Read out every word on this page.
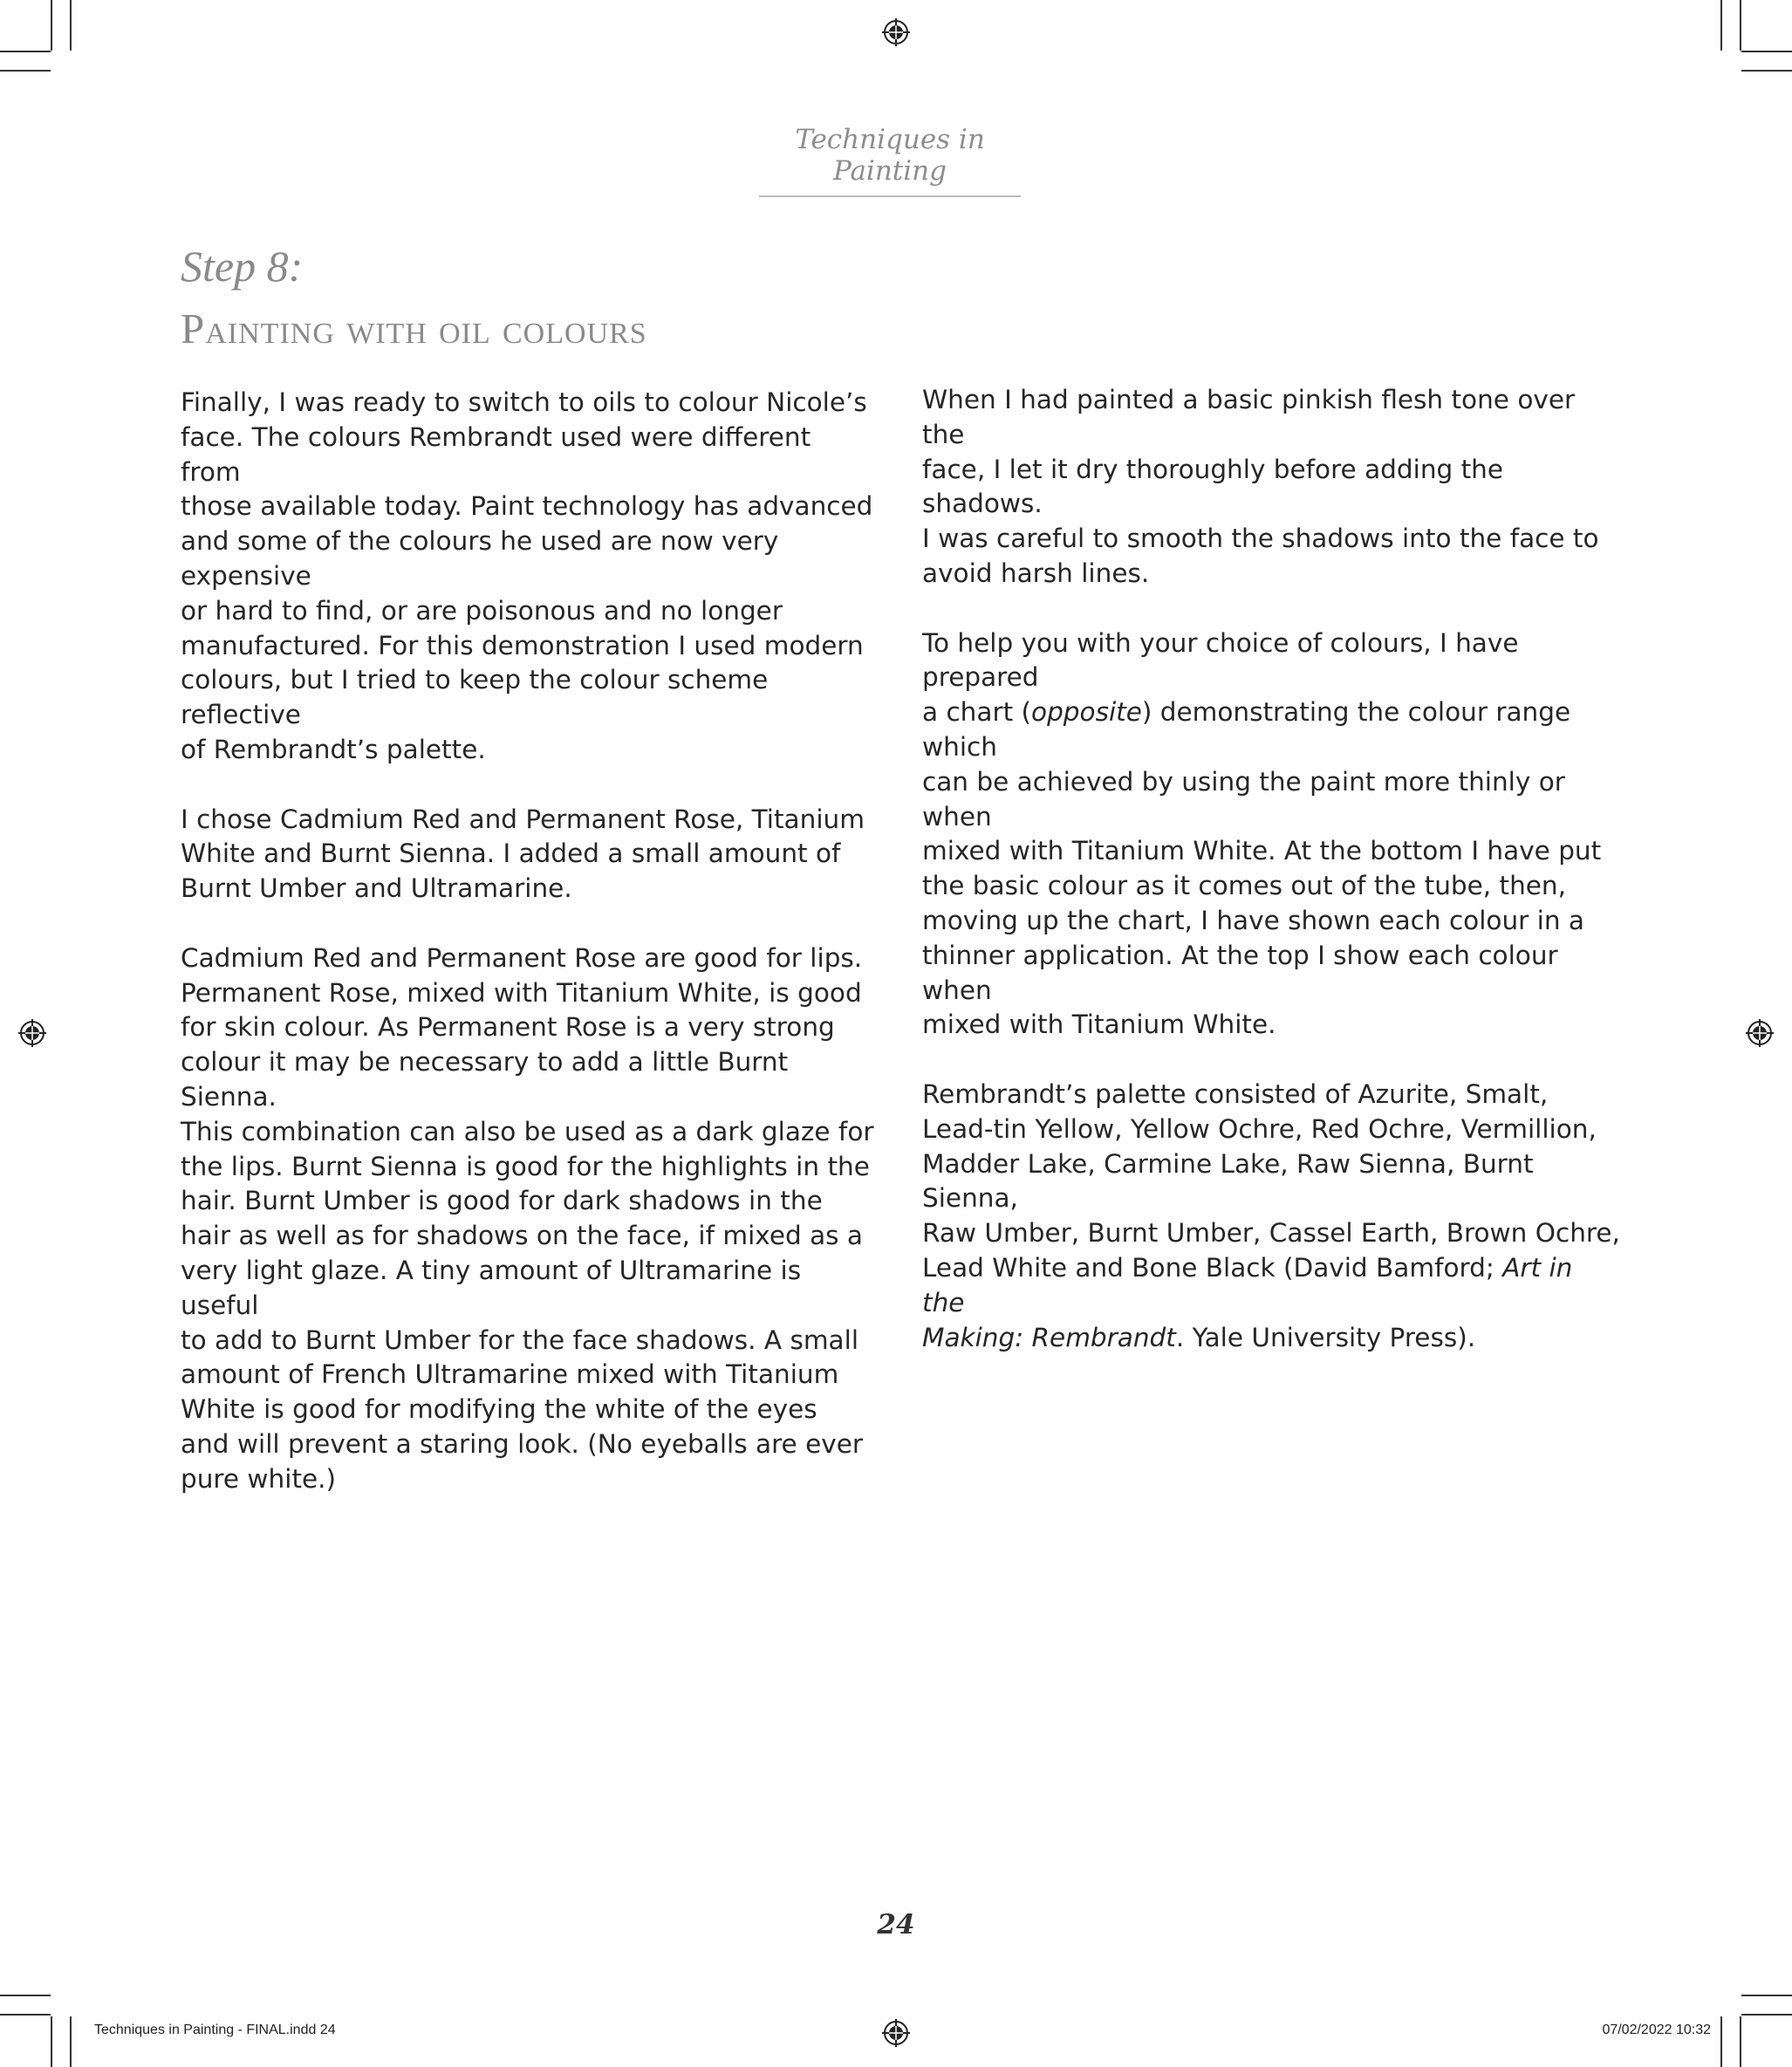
Techniques in Painting
Step 8:
Painting with oil colours

Finally, I was ready to switch to oils to colour Nicole’s
face. The colours Rembrandt used were different from
those available today. Paint technology has advanced
and some of the colours he used are now very expensive
or hard to find, or are poisonous and no longer
manufactured. For this demonstration I used modern
colours, but I tried to keep the colour scheme reflective
of Rembrandt’s palette.

I chose Cadmium Red and Permanent Rose, Titanium
White and Burnt Sienna. I added a small amount of
Burnt Umber and Ultramarine.

Cadmium Red and Permanent Rose are good for lips.
Permanent Rose, mixed with Titanium White, is good
for skin colour. As Permanent Rose is a very strong
colour it may be necessary to add a little Burnt Sienna.
This combination can also be used as a dark glaze for
the lips. Burnt Sienna is good for the highlights in the
hair. Burnt Umber is good for dark shadows in the
hair as well as for shadows on the face, if mixed as a
very light glaze. A tiny amount of Ultramarine is useful
to add to Burnt Umber for the face shadows. A small
amount of French Ultramarine mixed with Titanium
White is good for modifying the white of the eyes
and will prevent a staring look. (No eyeballs are ever
pure white.)

When I had painted a basic pinkish flesh tone over the
face, I let it dry thoroughly before adding the shadows.
I was careful to smooth the shadows into the face to
avoid harsh lines.

To help you with your choice of colours, I have prepared
a chart (opposite) demonstrating the colour range which
can be achieved by using the paint more thinly or when
mixed with Titanium White. At the bottom I have put
the basic colour as it comes out of the tube, then,
moving up the chart, I have shown each colour in a
thinner application. At the top I show each colour when
mixed with Titanium White.

Rembrandt’s palette consisted of Azurite, Smalt,
Lead-tin Yellow, Yellow Ochre, Red Ochre, Vermillion,
Madder Lake, Carmine Lake, Raw Sienna, Burnt Sienna,
Raw Umber, Burnt Umber, Cassel Earth, Brown Ochre,
Lead White and Bone Black (David Bamford; Art in the
Making: Rembrandt. Yale University Press).

24
Techniques in Painting - FINAL.indd 24	07/02/2022 10:32
